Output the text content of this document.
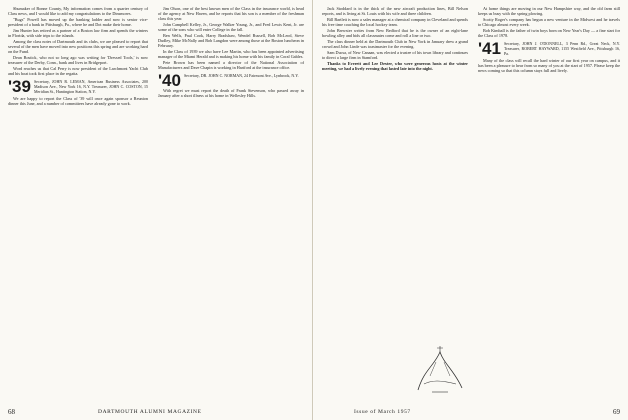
Shumaker of Bonne County, My information comes from a quarter century of Class news, and I would like to add my congratulations to the Dinsmores.

"Bugs" Powell has moved up the banking ladder and now is senior vice-president of a bank in Pittsburgh, Pa., where he and Dot make their home.

Jim Hunter has retired as a partner of a Boston law firm and spends the winters in Florida, with side trips to the islands.

Among the class notes of Dartmouth and its clubs, we are pleased to report that several of the men have moved into new positions this spring and are working hard on the Fund.

Dean Bostick, who not so long ago was writing for 'Dressed Tools,' is now treasurer of the Derby, Conn., bank and lives in Bridgeport.

Word reaches us that Cal Perry is now president of the Larchmont Yacht Club and his boat took first place in the regatta.

'39 Secretary, JOHN R. LEMAN, American Business Associates, 200 Madison Ave., New York 16, N.Y. Treasurer, JOHN C. COSTON, 15 Meridian St., Huntington Station, N.Y.

We are happy to report the Class of '39 will once again sponsor a Reunion dinner this June, and a number of committees have already gone to work.

Jim Olson, one of the best known men of the Class in the insurance world, is head of the agency at New Haven, and he reports that his son is a member of the freshman class this year.

John Campbell Kelley, Jr., George Walker Young, Jr., and Fred Lewis Kent, Jr. are some of the sons who will enter College in the fall.

Ben Wells, Paul Cook, Harry Bradshaw, Wendel Russell, Bob McLeod, Steve Dudley, Mike McNally and Bob Langdon were among those at the Boston luncheon in February.

In the Class of 1939 we also have Lee Martin, who has been appointed advertising manager of the Miami Herald and is making his home with his family in Coral Gables.

Pete Brown has been named a director of the National Association of Manufacturers and Dave Chapin is working in Hartford at the insurance office.

'40 Secretary, DR. JOHN C. NORMAN, 24 Fairmont Ave., Lynbrook, N.Y.

With regret we must report the death of Frank Stevenson, who passed away in January after a short illness at his home in Wellesley Hills.

68	DARTMOUTH ALUMNI MAGAZINE

Jack Stoddard is in the thick of the new aircraft production lines, Bill Nelson reports, and is living at St. Louis with his wife and three children.

Bill Bartlett is now a sales manager at a chemical company in Cleveland and spends his free time coaching the local hockey team.

John Brewster writes from New Bedford that he is the owner of an eight-lane bowling alley and bids all classmates come and roll a line or two.

The class dinner held at the Dartmouth Club in New York in January drew a grand crowd and John Linde was toastmaster for the evening.

Sam Ducsa, of New Canaan, was elected a trustee of his town library and continues to direct a large firm in Stamford.

Thanks to Everett and Lee Dexter, who were generous hosts at the winter meeting, we had a lively evening that lasted late into the night.

At home things are moving in our New Hampshire way, and the old farm still keeps us busy with the spring plowing.

Scotty Roger's company has begun a new venture in the Midwest and he travels to Chicago almost every week.

Bob Kimball is the father of twin boys born on New Year's Day — a fine start for the Class of 1978.

'41 Secretary, JOHN J. O'DONNELL, 3 Penn Rd., Great Neck, N.Y. Treasurer, ROBERT HAYWARD, 1155 Westfield Ave., Pittsburgh 16, Pa.

Many of the class will recall the hard winter of our first year on campus, and it has been a pleasure to hear from so many of you at the start of 1957. Please keep the news coming so that this column stays full and lively.

Issue of March 1957	69
